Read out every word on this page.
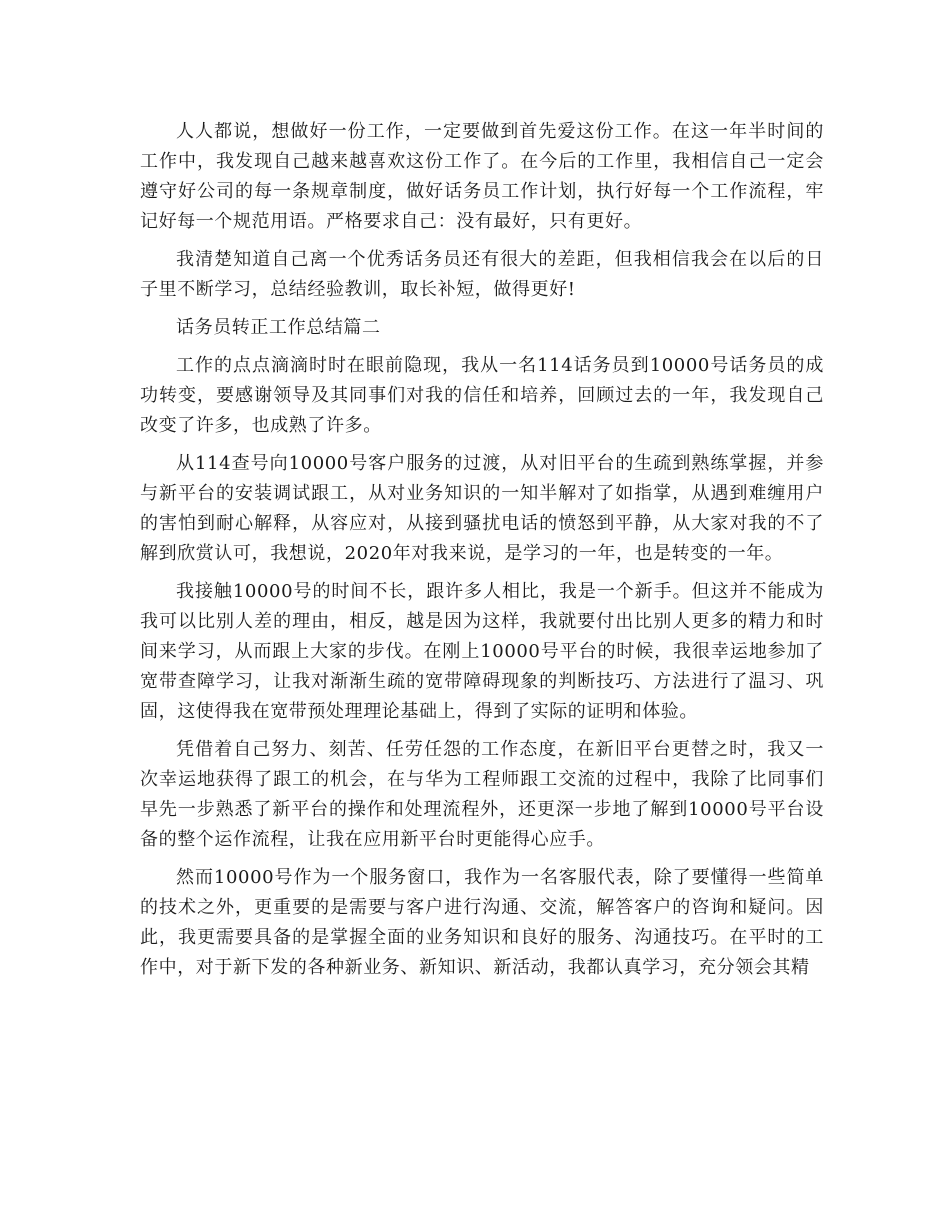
人人都说，想做好一份工作，一定要做到首先爱这份工作。在这一年半时间的工作中，我发现自己越来越喜欢这份工作了。在今后的工作里，我相信自己一定会遵守好公司的每一条规章制度，做好话务员工作计划，执行好每一个工作流程，牢记好每一个规范用语。严格要求自己：没有最好，只有更好。

我清楚知道自己离一个优秀话务员还有很大的差距，但我相信我会在以后的日子里不断学习，总结经验教训，取长补短，做得更好!

话务员转正工作总结篇二

工作的点点滴滴时时在眼前隐现，我从一名114话务员到10000号话务员的成功转变，要感谢领导及其同事们对我的信任和培养，回顾过去的一年，我发现自己改变了许多，也成熟了许多。

从114查号向10000号客户服务的过渡，从对旧平台的生疏到熟练掌握，并参与新平台的安装调试跟工，从对业务知识的一知半解对了如指掌，从遇到难缠用户的害怕到耐心解释，从容应对，从接到骚扰电话的愤怒到平静，从大家对我的不了解到欣赏认可，我想说，2020年对我来说，是学习的一年，也是转变的一年。

我接触10000号的时间不长，跟许多人相比，我是一个新手。但这并不能成为我可以比别人差的理由，相反，越是因为这样，我就要付出比别人更多的精力和时间来学习，从而跟上大家的步伐。在刚上10000号平台的时候，我很幸运地参加了宽带查障学习，让我对渐渐生疏的宽带障碍现象的判断技巧、方法进行了温习、巩固，这使得我在宽带预处理理论基础上，得到了实际的证明和体验。

凭借着自己努力、刻苦、任劳任怨的工作态度，在新旧平台更替之时，我又一次幸运地获得了跟工的机会，在与华为工程师跟工交流的过程中，我除了比同事们早先一步熟悉了新平台的操作和处理流程外，还更深一步地了解到10000号平台设备的整个运作流程，让我在应用新平台时更能得心应手。

然而10000号作为一个服务窗口，我作为一名客服代表，除了要懂得一些简单的技术之外，更重要的是需要与客户进行沟通、交流，解答客户的咨询和疑问。因此，我更需要具备的是掌握全面的业务知识和良好的服务、沟通技巧。在平时的工作中，对于新下发的各种新业务、新知识、新活动，我都认真学习，充分领会其精
